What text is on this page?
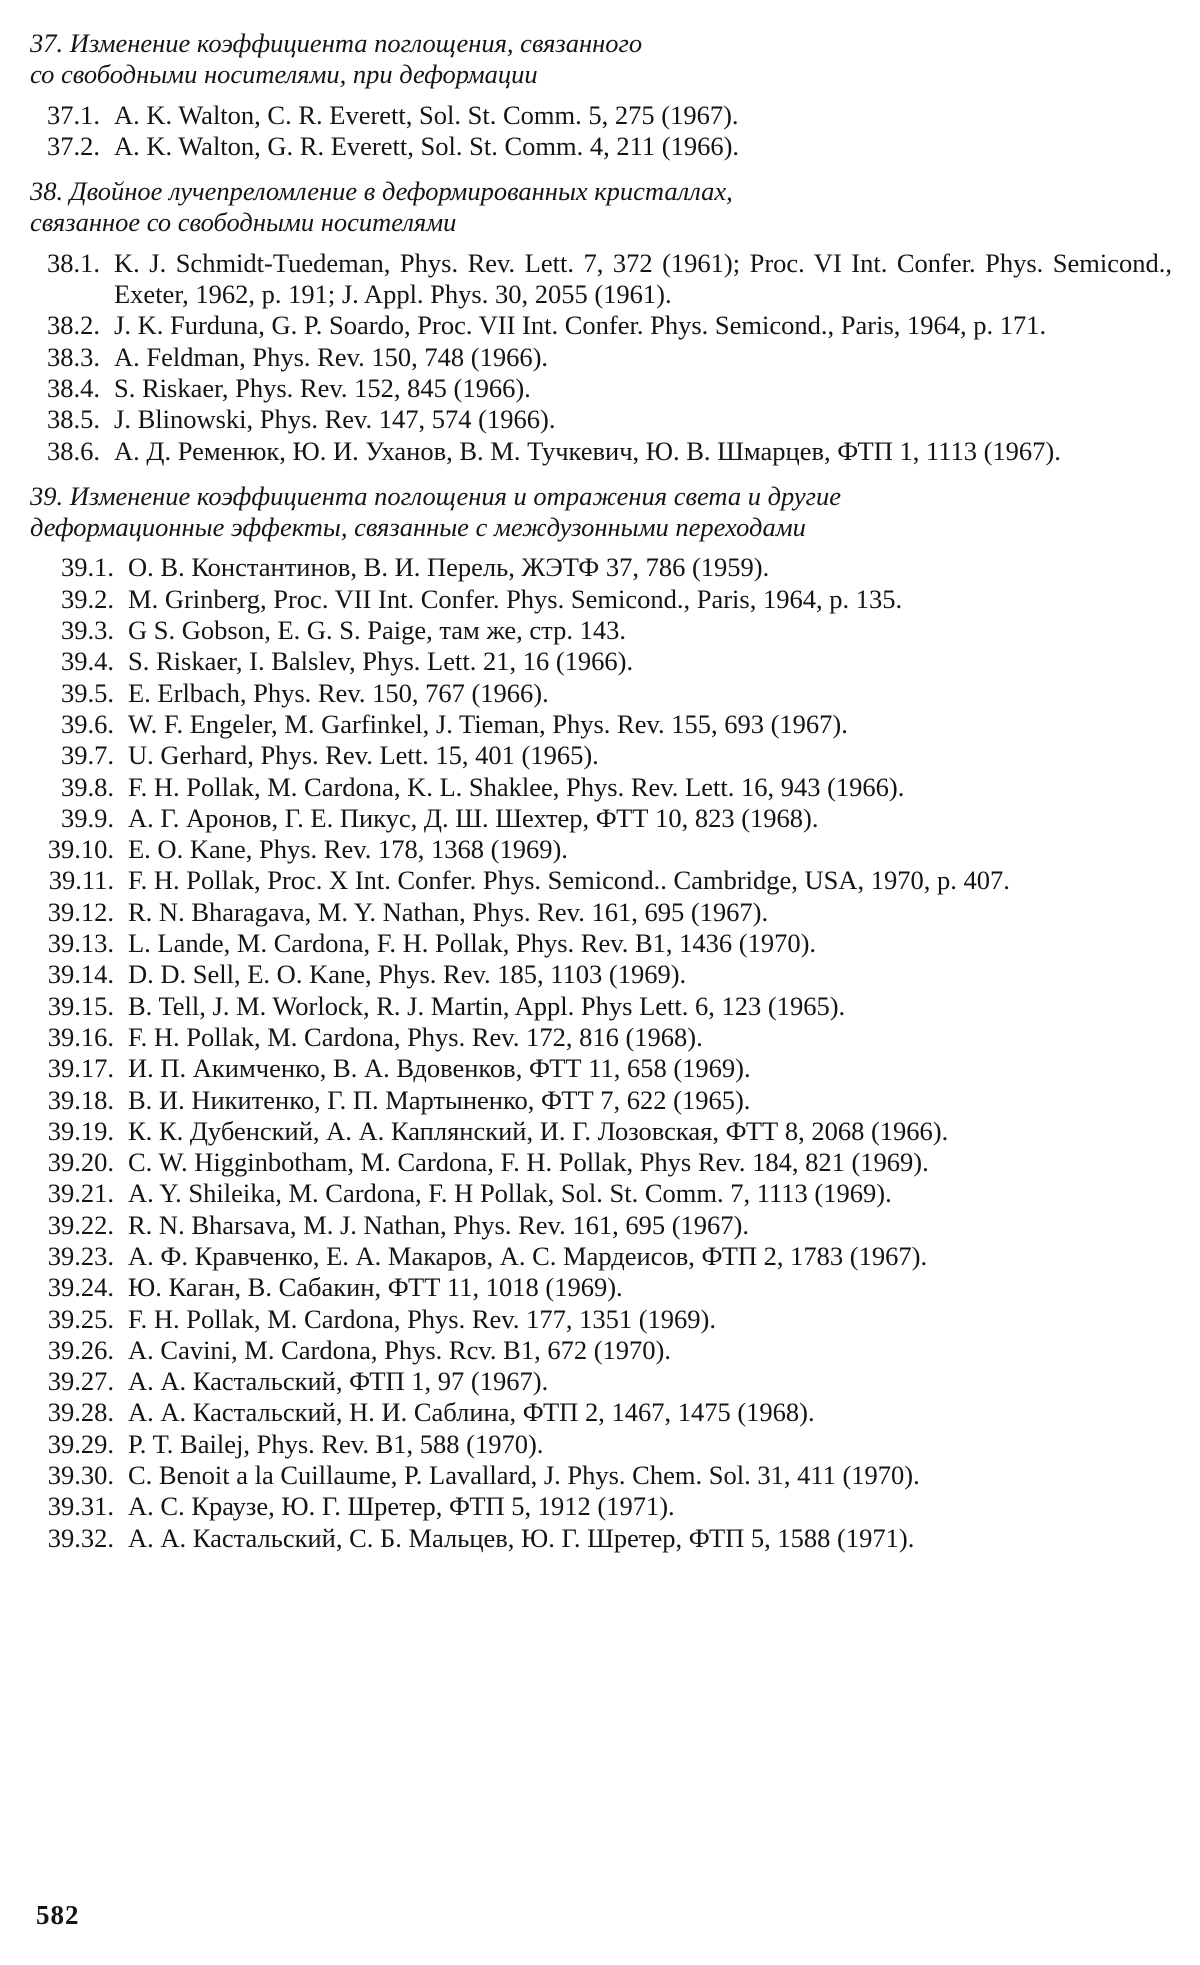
37. Изменение коэффициента поглощения, связанного
со свободными носителями, при деформации
37.1. A. K. Walton, C. R. Everett, Sol. St. Comm. 5, 275 (1967).
37.2. A. K. Walton, G. R. Everett, Sol. St. Comm. 4, 211 (1966).
38. Двойное лучепреломление в деформированных кристаллах,
связанное со свободными носителями
38.1. K. J. Schmidt-Tuedeman, Phys. Rev. Lett. 7, 372 (1961); Proc. VI Int. Confer. Phys. Semicond., Exeter, 1962, p. 191; J. Appl. Phys. 30, 2055 (1961).
38.2. J. K. Furduna, G. P. Soardo, Proc. VII Int. Confer. Phys. Semicond., Paris, 1964, p. 171.
38.3. A. Feldman, Phys. Rev. 150, 748 (1966).
38.4. S. Riskaer, Phys. Rev. 152, 845 (1966).
38.5. J. Blinowski, Phys. Rev. 147, 574 (1966).
38.6. А. Д. Ременюк, Ю. И. Уханов, В. М. Тучкевич, Ю. В. Шмарцев, ФТП 1, 1113 (1967).
39. Изменение коэффициента поглощения и отражения света и другие
деформационные эффекты, связанные с междузонными переходами
39.1. О. В. Константинов, В. И. Перель, ЖЭТФ 37, 786 (1959).
39.2. M. Grinberg, Proc. VII Int. Confer. Phys. Semicond., Paris, 1964, p. 135.
39.3. G S. Gobson, E. G. S. Paige, там же, стр. 143.
39.4. S. Riskaer, I. Balslev, Phys. Lett. 21, 16 (1966).
39.5. E. Erlbach, Phys. Rev. 150, 767 (1966).
39.6. W. F. Engeler, M. Garfinkel, J. Tieman, Phys. Rev. 155, 693 (1967).
39.7. U. Gerhard, Phys. Rev. Lett. 15, 401 (1965).
39.8. F. H. Pollak, M. Cardona, K. L. Shaklee, Phys. Rev. Lett. 16, 943 (1966).
39.9. А. Г. Аронов, Г. Е. Пикус, Д. Ш. Шехтер, ФТТ 10, 823 (1968).
39.10. E. O. Kane, Phys. Rev. 178, 1368 (1969).
39.11. F. H. Pollak, Proc. X Int. Confer. Phys. Semicond.. Cambridge, USA, 1970, p. 407.
39.12. R. N. Bharagava, M. Y. Nathan, Phys. Rev. 161, 695 (1967).
39.13. L. Lande, M. Cardona, F. H. Pollak, Phys. Rev. B1, 1436 (1970).
39.14. D. D. Sell, E. O. Kane, Phys. Rev. 185, 1103 (1969).
39.15. B. Tell, J. M. Worlock, R. J. Martin, Appl. Phys Lett. 6, 123 (1965).
39.16. F. H. Pollak, M. Cardona, Phys. Rev. 172, 816 (1968).
39.17. И. П. Акимченко, В. А. Вдовенков, ФТТ 11, 658 (1969).
39.18. В. И. Никитенко, Г. П. Мартыненко, ФТТ 7, 622 (1965).
39.19. К. К. Дубенский, А. А. Каплянский, И. Г. Лозовская, ФТТ 8, 2068 (1966).
39.20. C. W. Higginbotham, M. Cardona, F. H. Pollak, Phys Rev. 184, 821 (1969).
39.21. A. Y. Shileika, M. Cardona, F. H Pollak, Sol. St. Comm. 7, 1113 (1969).
39.22. R. N. Bharsava, M. J. Nathan, Phys. Rev. 161, 695 (1967).
39.23. А. Ф. Кравченко, Е. А. Макаров, А. С. Мардеисов, ФТП 2, 1783 (1967).
39.24. Ю. Каган, В. Сабакин, ФТТ 11, 1018 (1969).
39.25. F. H. Pollak, M. Cardona, Phys. Rev. 177, 1351 (1969).
39.26. A. Cavini, M. Cardona, Phys. Rcv. B1, 672 (1970).
39.27. А. А. Кастальский, ФТП 1, 97 (1967).
39.28. А. А. Кастальский, Н. И. Саблина, ФТП 2, 1467, 1475 (1968).
39.29. P. T. Bailej, Phys. Rev. B1, 588 (1970).
39.30. C. Benoit a la Cuillaume, P. Lavallard, J. Phys. Chem. Sol. 31, 411 (1970).
39.31. А. С. Краузе, Ю. Г. Шретер, ФТП 5, 1912 (1971).
39.32. А. А. Кастальский, С. Б. Мальцев, Ю. Г. Шретер, ФТП 5, 1588 (1971).
582
